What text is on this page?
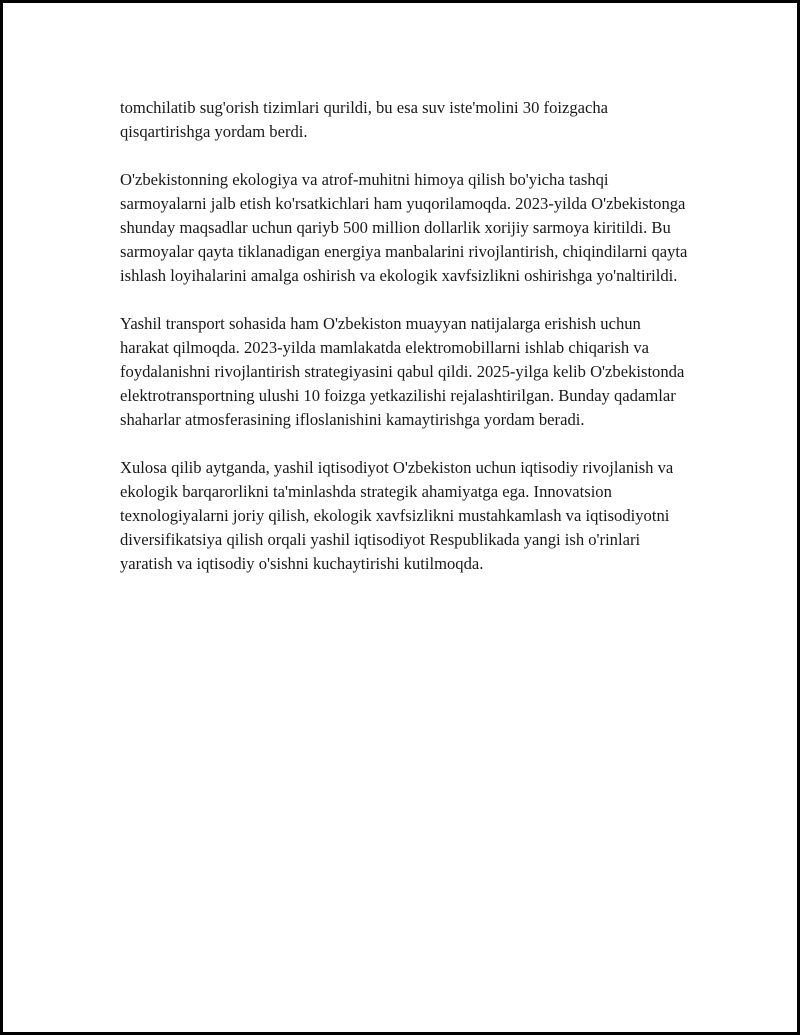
tomchilatib sug'orish tizimlari qurildi, bu esa suv iste'molini 30 foizgacha qisqartirishga yordam berdi.

O'zbekistonning ekologiya va atrof-muhitni himoya qilish bo'yicha tashqi sarmoyalarni jalb etish ko'rsatkichlari ham yuqorilamoqda. 2023-yilda O'zbekistonga shunday maqsadlar uchun qariyb 500 million dollarlik xorijiy sarmoya kiritildi. Bu sarmoyalar qayta tiklanadigan energiya manbalarini rivojlantirish, chiqindilarni qayta ishlash loyihalarini amalga oshirish va ekologik xavfsizlikni oshirishga yo'naltirildi.

Yashil transport sohasida ham O'zbekiston muayyan natijalarga erishish uchun harakat qilmoqda. 2023-yilda mamlakatda elektromobillarni ishlab chiqarish va foydalanishni rivojlantirish strategiyasini qabul qildi. 2025-yilga kelib O'zbekistonda elektrotransportning ulushi 10 foizga yetkazilishi rejalashtirilgan. Bunday qadamlar shaharlar atmosferasining ifloslanishini kamaytirishga yordam beradi.

Xulosa qilib aytganda, yashil iqtisodiyot O'zbekiston uchun iqtisodiy rivojlanish va ekologik barqarorlikni ta'minlashda strategik ahamiyatga ega. Innovatsion texnologiyalarni joriy qilish, ekologik xavfsizlikni mustahkamlash va iqtisodiyotni diversifikatsiya qilish orqali yashil iqtisodiyot Respublikada yangi ish o'rinlari yaratish va iqtisodiy o'sishni kuchaytirishi kutilmoqda.
